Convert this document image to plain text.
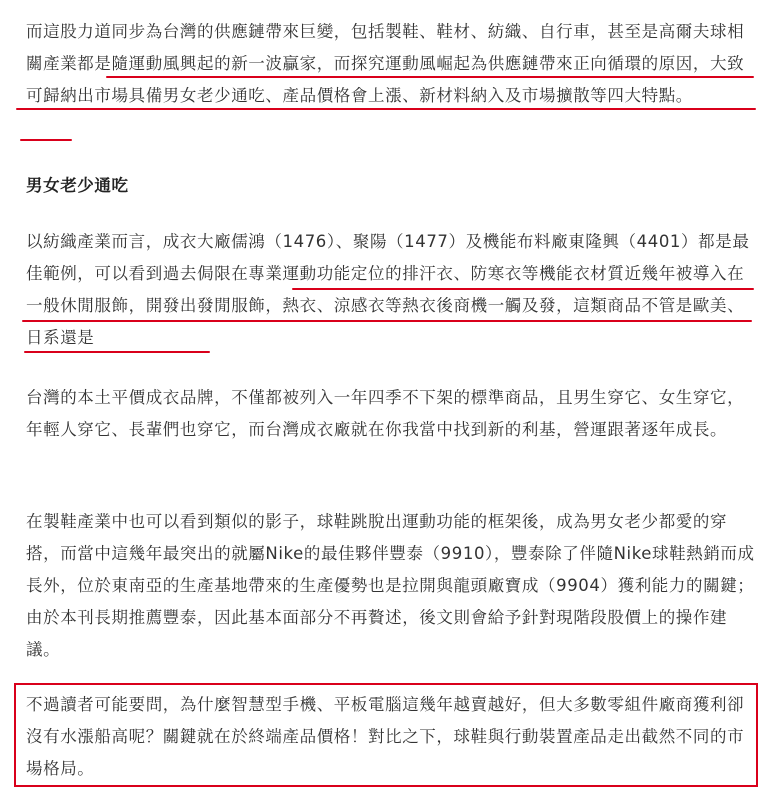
而這股力道同步為台灣的供應鏈帶來巨變，包括製鞋、鞋材、紡織、自行車，甚至是高爾夫球相關產業都是隨運動風興起的新一波贏家，而探究運動風崛起為供應鏈帶來正向循環的原因，大致可歸納出市場具備男女老少通吃、產品價格會上漲、新材料納入及市場擴散等四大特點。

男女老少通吃

以紡織產業而言，成衣大廠儒鴻（1476）、聚陽（1477）及機能布料廠東隆興（4401）都是最佳範例，可以看到過去侷限在專業運動功能定位的排汗衣、防寒衣等機能衣材質近幾年被導入在一般休閒服飾，開發出發閒服飾，熱衣、涼感衣等熱衣後商機一觸及發，這類商品不管是歐美、日系還是

台灣的本土平價成衣品牌，不僅都被列入一年四季不下架的標準商品，且男生穿它、女生穿它，年輕人穿它、長輩們也穿它，而台灣成衣廠就在你我當中找到新的利基，營運跟著逐年成長。

在製鞋產業中也可以看到類似的影子，球鞋跳脫出運動功能的框架後，成為男女老少都愛的穿搭，而當中這幾年最突出的就屬Nike的最佳夥伴豐泰（9910），豐泰除了伴隨Nike球鞋熱銷而成長外，位於東南亞的生產基地帶來的生產優勢也是拉開與龍頭廠寶成（9904）獲利能力的關鍵；由於本刊長期推薦豐泰，因此基本面部分不再贅述，後文則會給予針對現階段股價上的操作建議。

不過讀者可能要問，為什麼智慧型手機、平板電腦這幾年越賣越好，但大多數零組件廠商獲利卻沒有水漲船高呢？關鍵就在於終端產品價格！對比之下，球鞋與行動裝置產品走出截然不同的市場格局。
